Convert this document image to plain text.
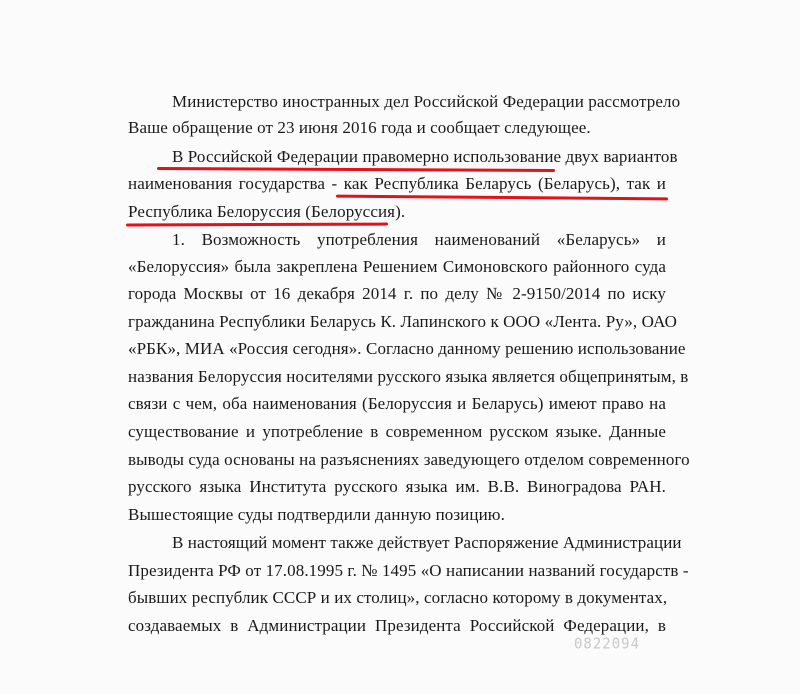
Министерство иностранных дел Российской Федерации рассмотрело
Ваше обращение от 23 июня 2016 года и сообщает следующее.
В Российской Федерации правомерно использование двух вариантов
наименования государства - как Республика Беларусь (Беларусь), так и
Республика Белоруссия (Белоруссия).
1. Возможность употребления наименований «Беларусь» и
«Белоруссия» была закреплена Решением Симоновского районного суда
города Москвы от 16 декабря 2014 г. по делу № 2-9150/2014 по иску
гражданина Республики Беларусь К. Лапинского к ООО «Лента. Ру», ОАО
«РБК», МИА «Россия сегодня». Согласно данному решению использование
названия Белоруссия носителями русского языка является общепринятым, в
связи с чем, оба наименования (Белоруссия и Беларусь) имеют право на
существование и употребление в современном русском языке. Данные
выводы суда основаны на разъяснениях заведующего отделом современного
русского языка Института русского языка им. В.В. Виноградова РАН.
Вышестоящие суды подтвердили данную позицию.
В настоящий момент также действует Распоряжение Администрации
Президента РФ от 17.08.1995 г. № 1495 «О написании названий государств -
бывших республик СССР и их столиц», согласно которому в документах,
создаваемых в Администрации Президента Российской Федерации, в
0822094
